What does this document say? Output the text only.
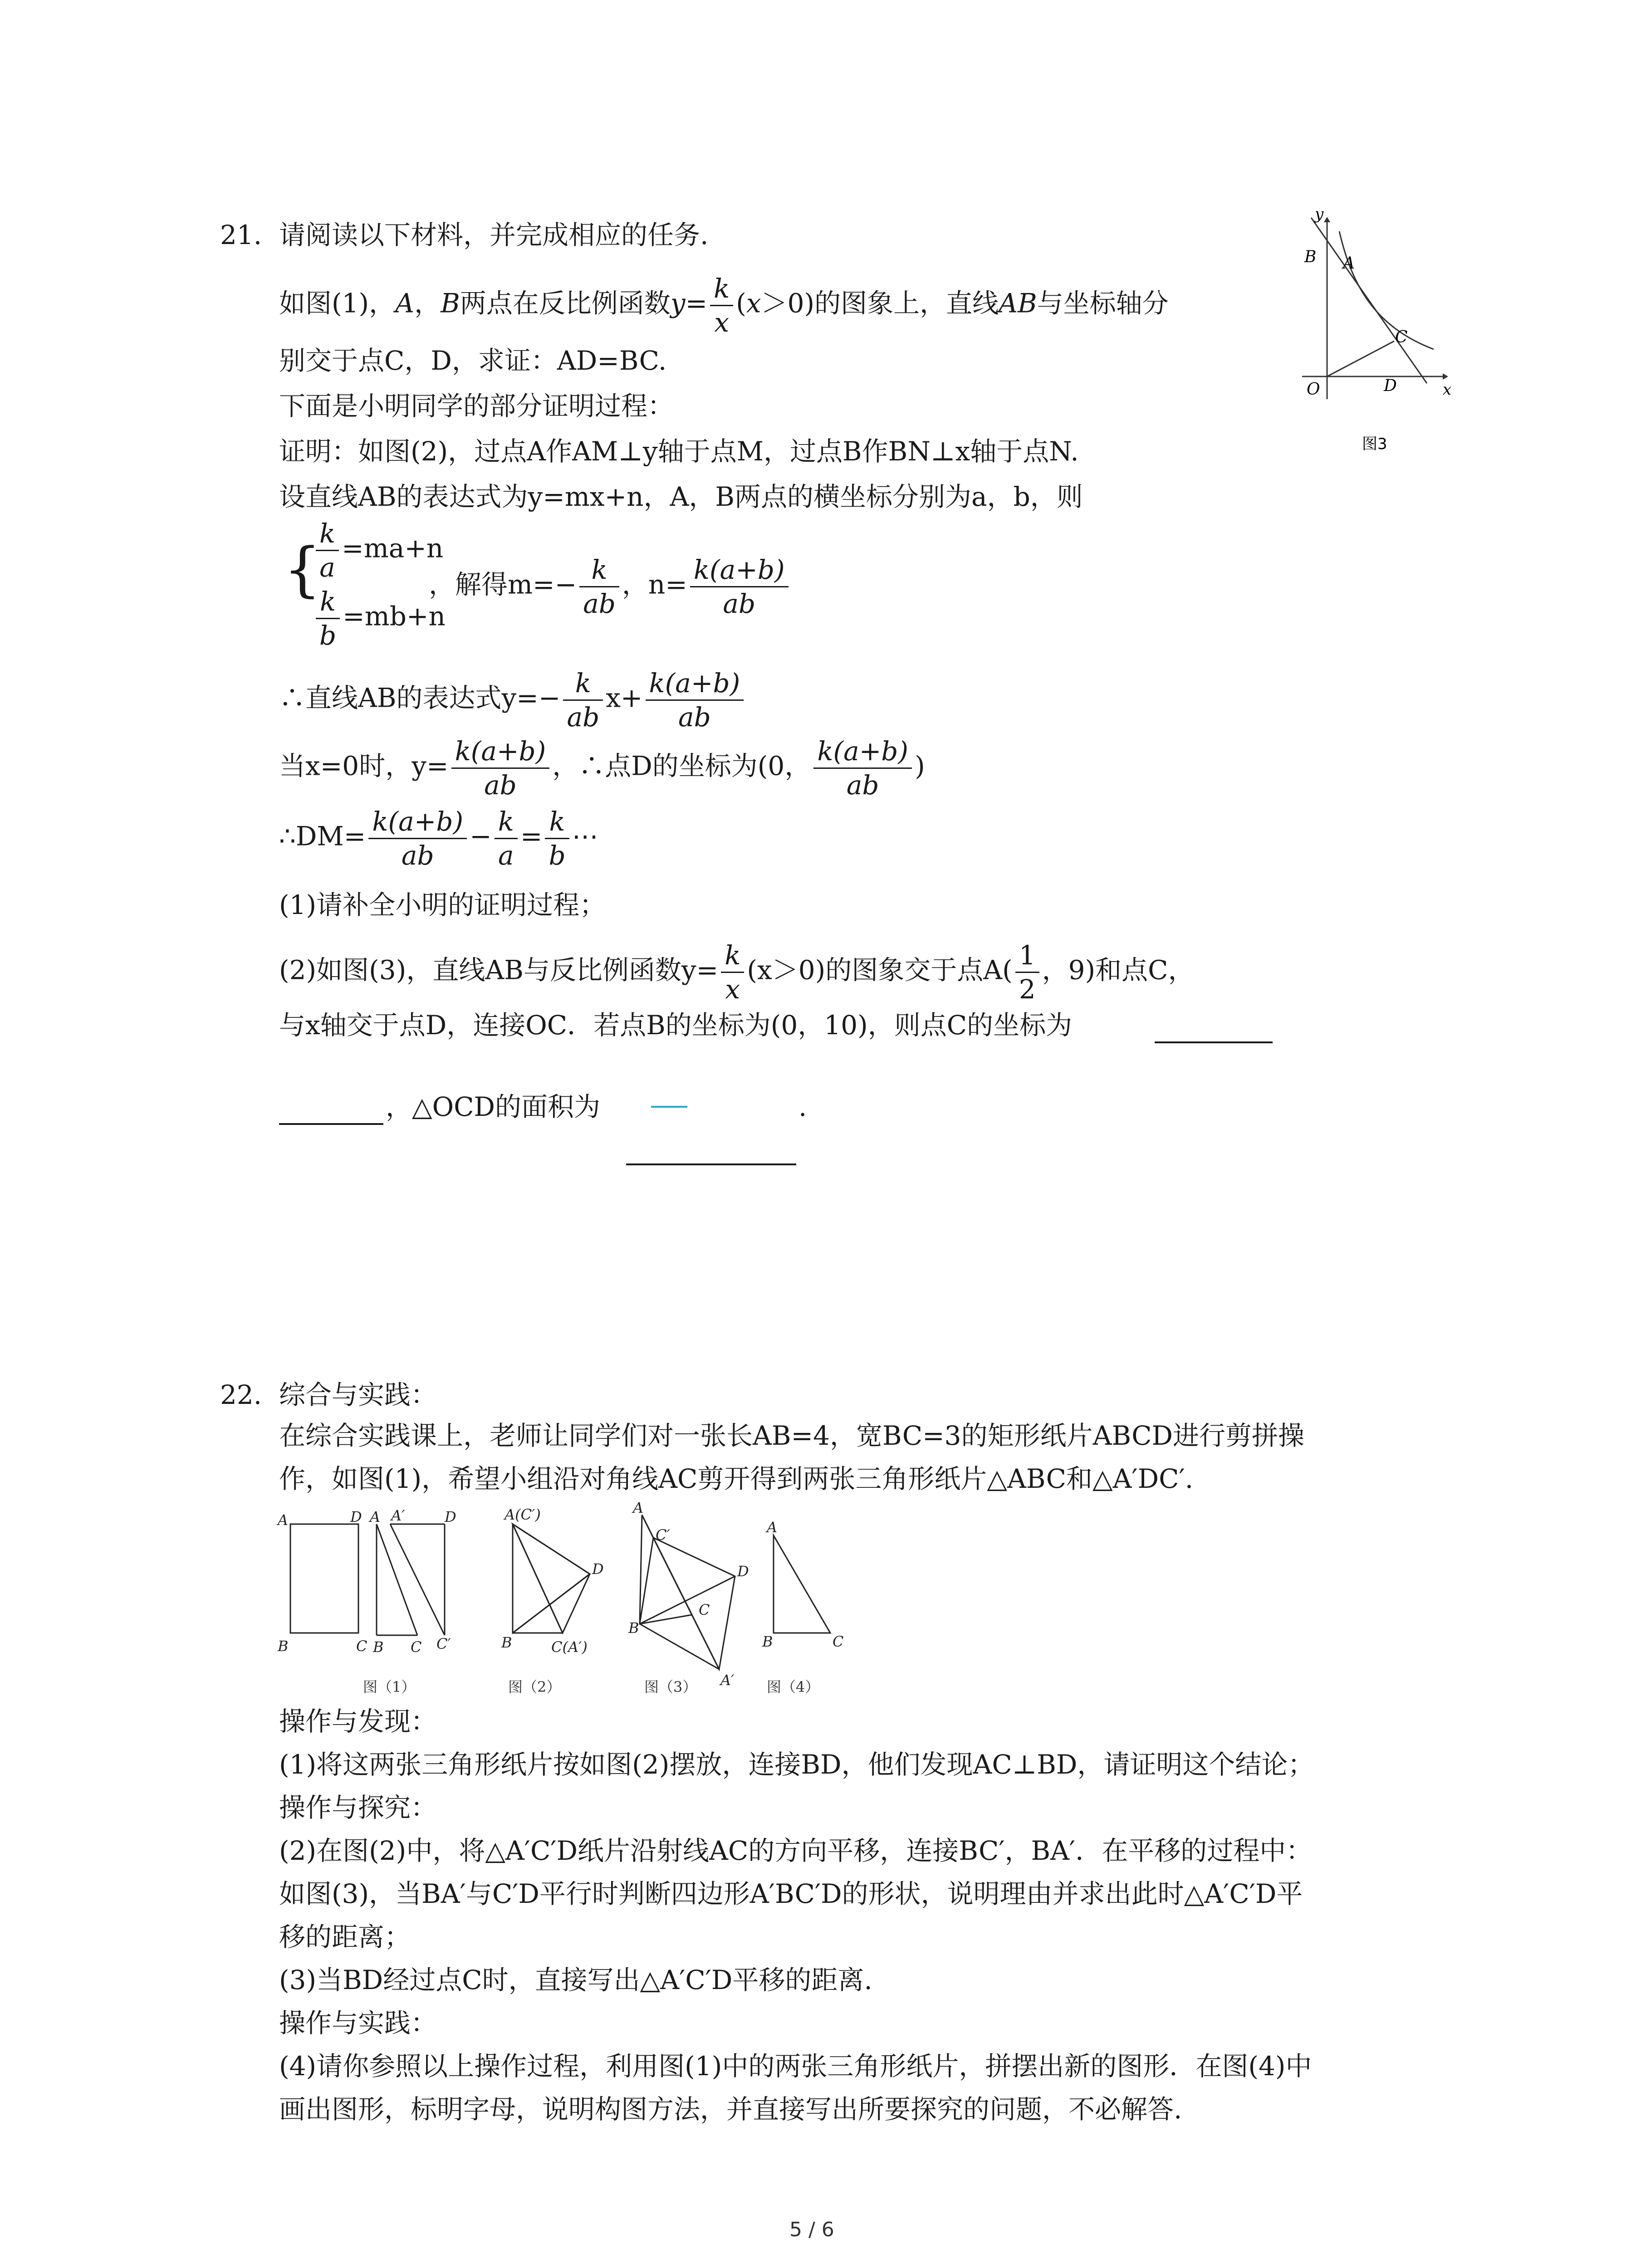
21. 请阅读以下材料，并完成相应的任务.
如图(1)，A，B两点在反比例函数$y= \frac{k}{x} (x>0)$的图象上，直线AB与坐标轴分
别交于点C，D，求证：AD=BC.
下面是小明同学的部分证明过程：
证明：如图(2)，过点A作AM⊥y轴于点M，过点B作BN⊥x轴于点N.
设直线AB的表达式为y=mx+n，A，B两点的横坐标分别为a，b，则
{
$\frac{k}{a} =ma+n$
$\frac{k}{b} =mb+n$
，解得$m=- \frac{k}{ab}$ ，$n= \frac{k(a+b)}{ab}$
∴直线AB的表达式$y=- \frac{k}{ab} x+ \frac{k(a+b)}{ab}$
当x=0时，$y= \frac{k(a+b)}{ab}$ ，∴点D的坐标为(0， $\frac{k(a+b)}{ab}$ )
∴DM= $\frac{k(a+b)}{ab} - \frac{k}{a} = \frac{k}{b}$ ⋯
(1)请补全小明的证明过程；
(2)如图(3)，直线AB与反比例函数$y= \frac{k}{x} (x>0)$的图象交于点$A( \frac{1}{2}$ ，9)和点C，
与x轴交于点D，连接OC．若点B的坐标为(0，10)，则点C的坐标为
，△OCD的面积为	.
y
x
B A
C
O	D
图3
22. 综合与实践：
在综合实践课上，老师让同学们对一张长AB=4，宽BC=3的矩形纸片ABCD进行剪拼操
作，如图(1)，希望小组沿对角线AC剪开得到两张三角形纸片△ABC和△A′DC′.
A	D
B	C
A A′	D
B C C′
A(C′)
D
B	C(A′)
A
C′
D
C
B
A′
A
B	C
图（1）	图（2）	图（3）	图（4）
操作与发现：
(1)将这两张三角形纸片按如图(2)摆放，连接BD，他们发现AC⊥BD，请证明这个结论；
操作与探究：
(2)在图(2)中，将△A′C′D纸片沿射线AC的方向平移，连接BC′，BA′．在平移的过程中：
如图(3)，当BA′与C′D平行时判断四边形A′BC′D的形状，说明理由并求出此时△A′C′D平
移的距离；
(3)当BD经过点C时，直接写出△A′C′D平移的距离.
操作与实践：
(4)请你参照以上操作过程，利用图(1)中的两张三角形纸片，拼摆出新的图形．在图(4)中
画出图形，标明字母，说明构图方法，并直接写出所要探究的问题，不必解答.
5 / 6
